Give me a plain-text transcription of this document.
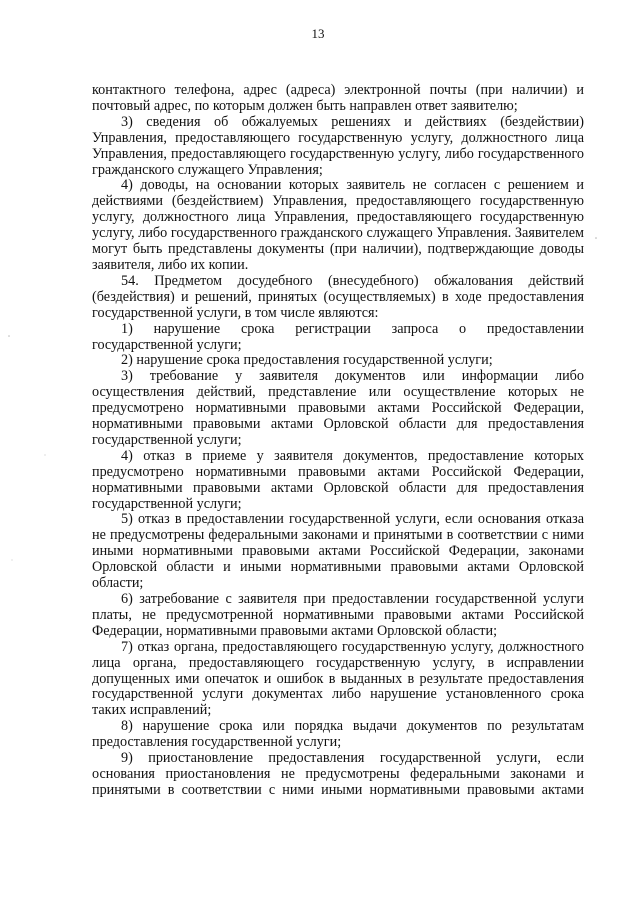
13

контактного телефона, адрес (адреса) электронной почты (при наличии) и почтовый адрес, по которым должен быть направлен ответ заявителю;

3) сведения об обжалуемых решениях и действиях (бездействии) Управления, предоставляющего государственную услугу, должностного лица Управления, предоставляющего государственную услугу, либо государственного гражданского служащего Управления;

4) доводы, на основании которых заявитель не согласен с решением и действиями (бездействием) Управления, предоставляющего государственную услугу, должностного лица Управления, предоставляющего государственную услугу, либо государственного гражданского служащего Управления. Заявителем могут быть представлены документы (при наличии), подтверждающие доводы заявителя, либо их копии.

54. Предметом досудебного (внесудебного) обжалования действий (бездействия) и решений, принятых (осуществляемых) в ходе предоставления государственной услуги, в том числе являются:

1) нарушение срока регистрации запроса о предоставлении государственной услуги;

2) нарушение срока предоставления государственной услуги;

3) требование у заявителя документов или информации либо осуществления действий, представление или осуществление которых не предусмотрено нормативными правовыми актами Российской Федерации, нормативными правовыми актами Орловской области для предоставления государственной услуги;

4) отказ в приеме у заявителя документов, предоставление которых предусмотрено нормативными правовыми актами Российской Федерации, нормативными правовыми актами Орловской области для предоставления государственной услуги;

5) отказ в предоставлении государственной услуги, если основания отказа не предусмотрены федеральными законами и принятыми в соответствии с ними иными нормативными правовыми актами Российской Федерации, законами Орловской области и иными нормативными правовыми актами Орловской области;

6) затребование с заявителя при предоставлении государственной услуги платы, не предусмотренной нормативными правовыми актами Российской Федерации, нормативными правовыми актами Орловской области;

7) отказ органа, предоставляющего государственную услугу, должностного лица органа, предоставляющего государственную услугу, в исправлении допущенных ими опечаток и ошибок в выданных в результате предоставления государственной услуги документах либо нарушение установленного срока таких исправлений;

8) нарушение срока или порядка выдачи документов по результатам предоставления государственной услуги;

9) приостановление предоставления государственной услуги, если основания приостановления не предусмотрены федеральными законами и принятыми в соответствии с ними иными нормативными правовыми актами
